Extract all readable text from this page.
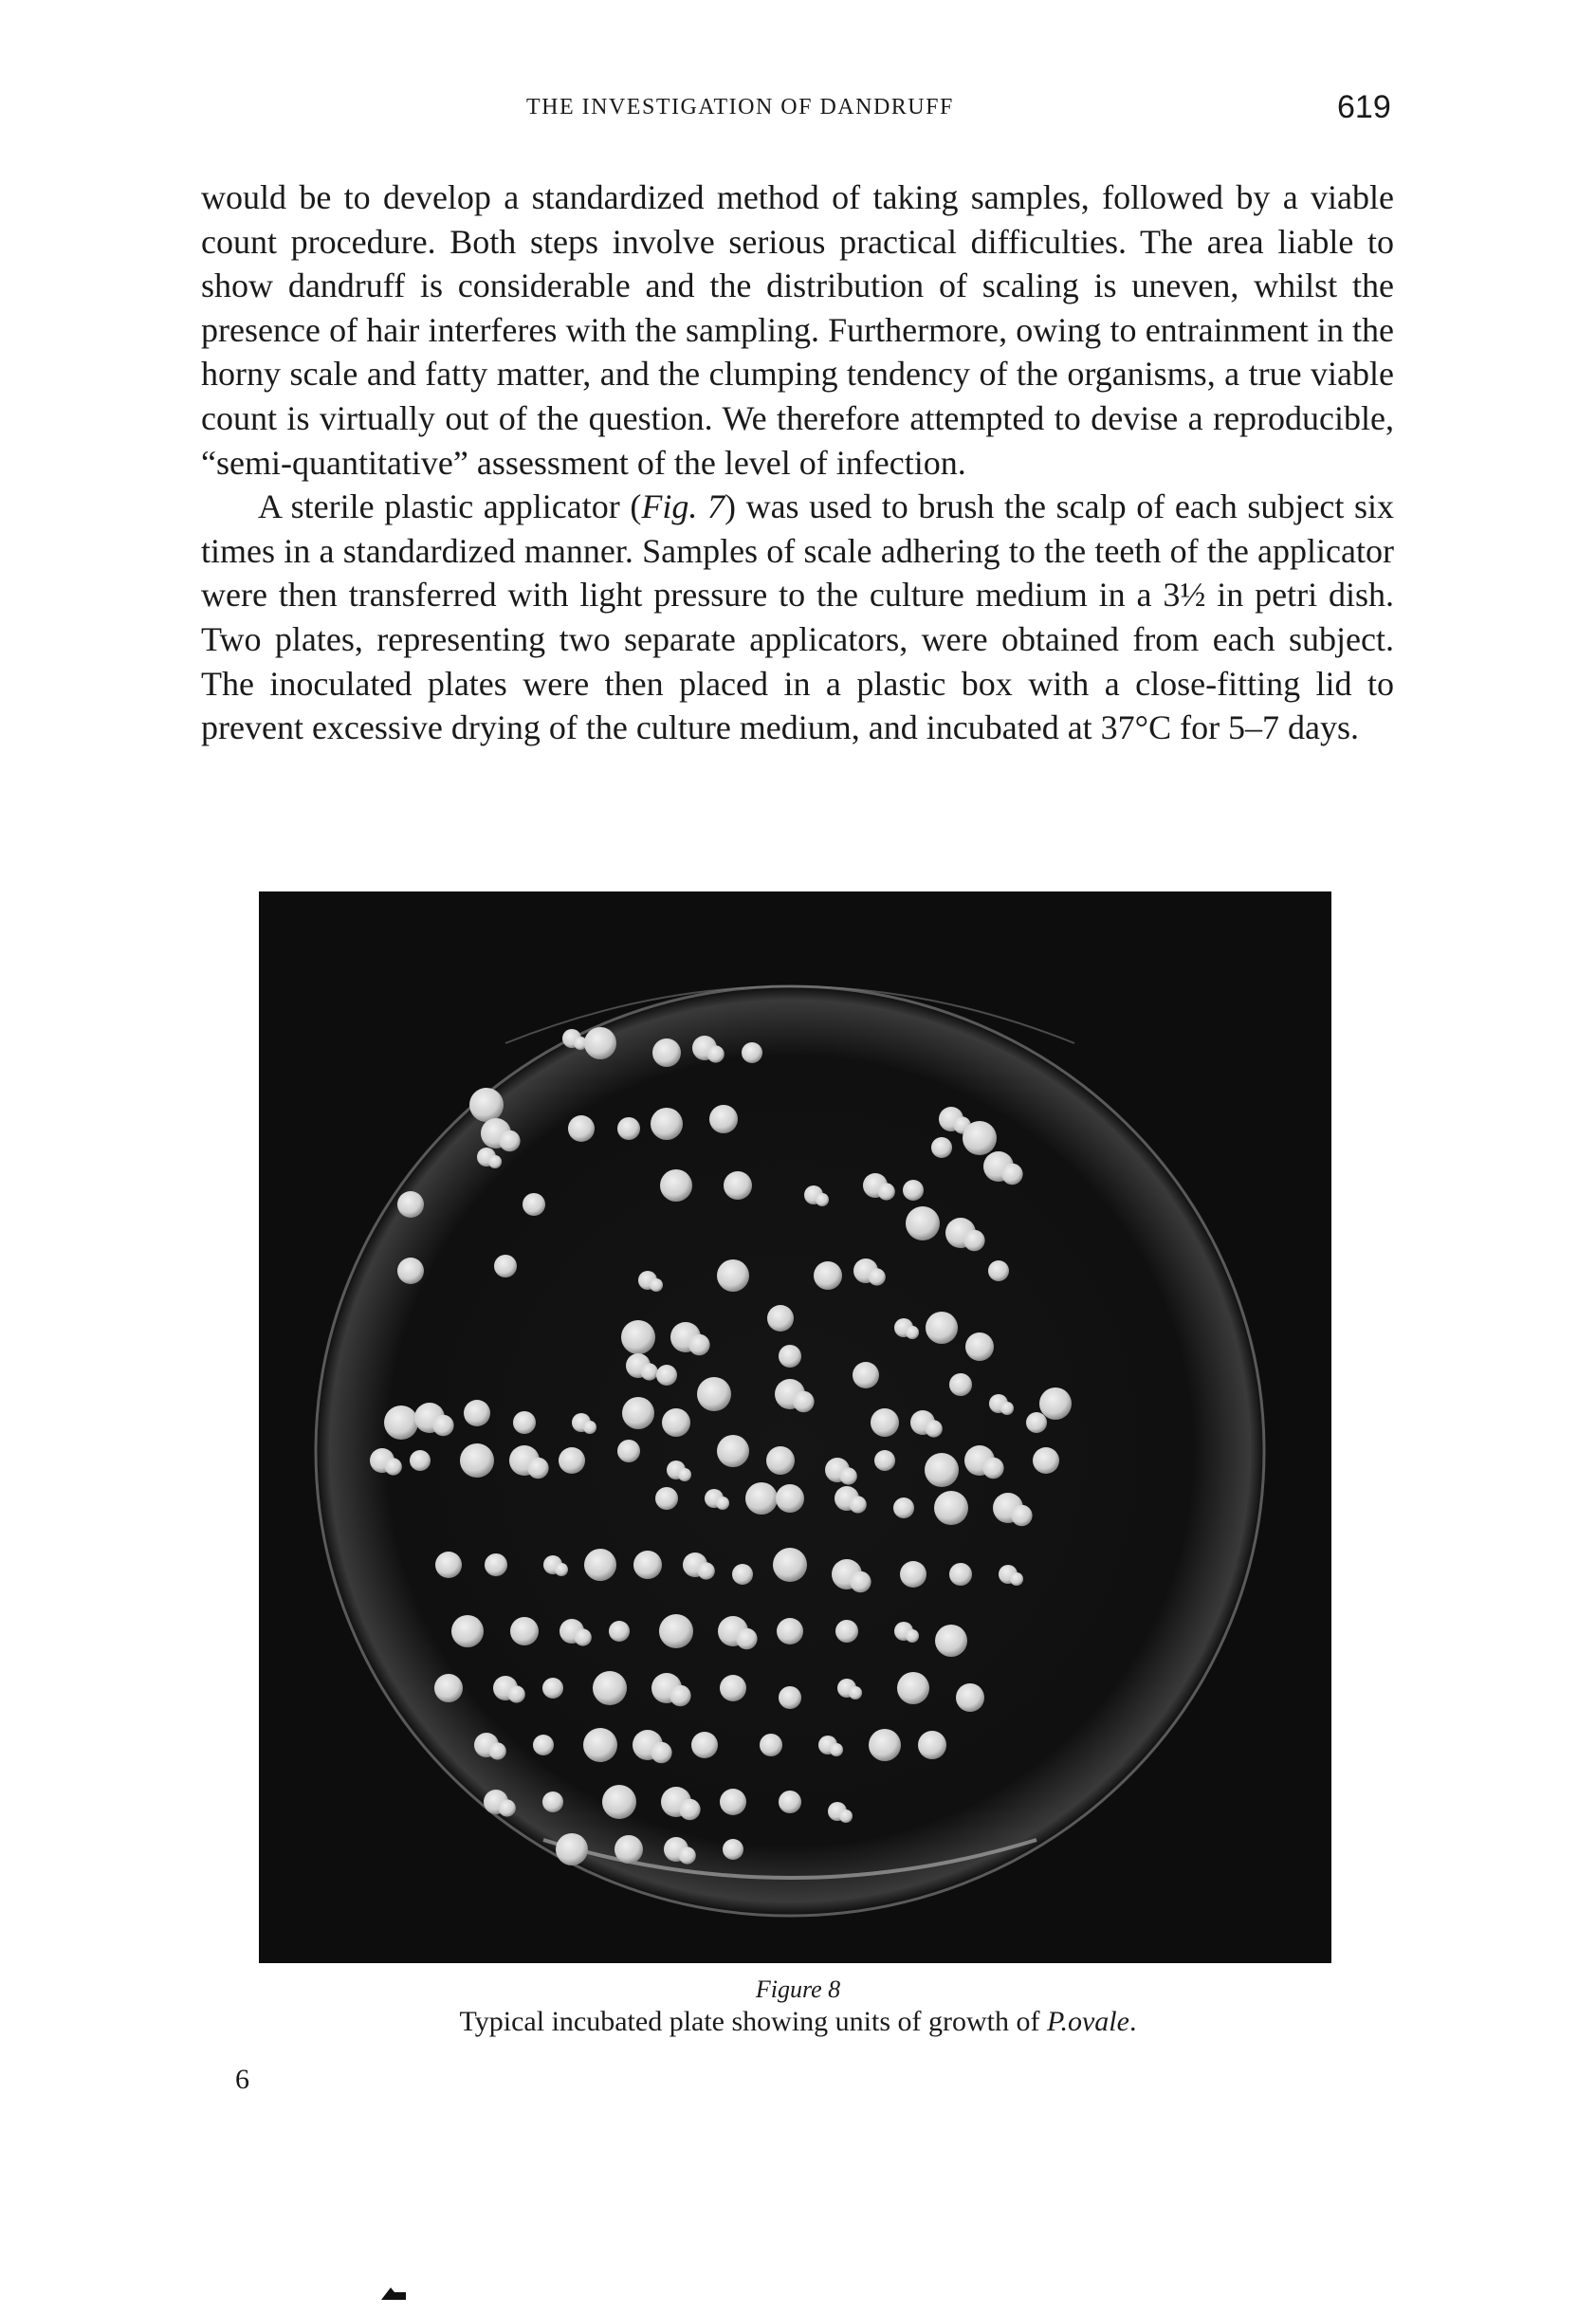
THE INVESTIGATION OF DANDRUFF	619

would be to develop a standardized method of taking samples, followed by a viable count procedure. Both steps involve serious practical difficulties. The area liable to show dandruff is considerable and the distribution of scaling is uneven, whilst the presence of hair interferes with the sampling. Furthermore, owing to entrainment in the horny scale and fatty matter, and the clumping tendency of the organisms, a true viable count is virtually out of the question. We therefore attempted to devise a reproducible, “semi-quantitative” assessment of the level of infection.

A sterile plastic applicator (Fig. 7) was used to brush the scalp of each subject six times in a standardized manner. Samples of scale adhering to the teeth of the applicator were then transferred with light pressure to the culture medium in a 3½ in petri dish. Two plates, representing two separate applicators, were obtained from each subject. The inoculated plates were then placed in a plastic box with a close-fitting lid to prevent excessive drying of the culture medium, and incubated at 37°C for 5–7 days.

Figure 8
Typical incubated plate showing units of growth of P.ovale.
6
